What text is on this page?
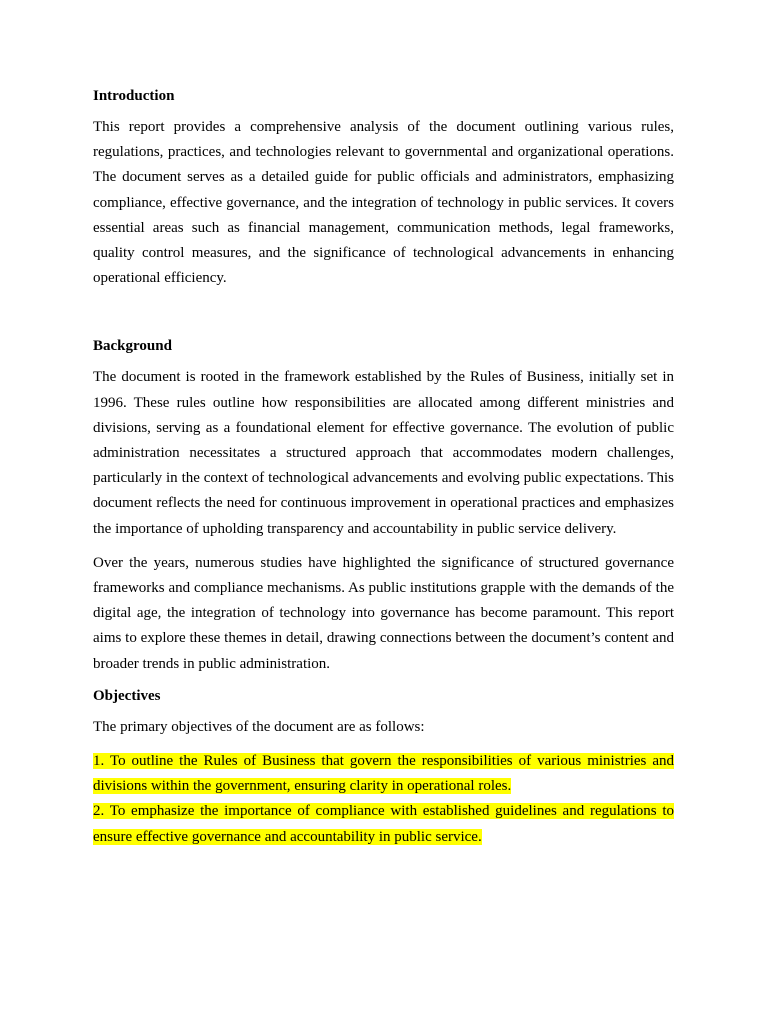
Introduction

This report provides a comprehensive analysis of the document outlining various rules, regulations, practices, and technologies relevant to governmental and organizational operations. The document serves as a detailed guide for public officials and administrators, emphasizing compliance, effective governance, and the integration of technology in public services. It covers essential areas such as financial management, communication methods, legal frameworks, quality control measures, and the significance of technological advancements in enhancing operational efficiency.

Background

The document is rooted in the framework established by the Rules of Business, initially set in 1996. These rules outline how responsibilities are allocated among different ministries and divisions, serving as a foundational element for effective governance. The evolution of public administration necessitates a structured approach that accommodates modern challenges, particularly in the context of technological advancements and evolving public expectations. This document reflects the need for continuous improvement in operational practices and emphasizes the importance of upholding transparency and accountability in public service delivery.

Over the years, numerous studies have highlighted the significance of structured governance frameworks and compliance mechanisms. As public institutions grapple with the demands of the digital age, the integration of technology into governance has become paramount. This report aims to explore these themes in detail, drawing connections between the document’s content and broader trends in public administration.

Objectives

The primary objectives of the document are as follows:

1. To outline the Rules of Business that govern the responsibilities of various ministries and divisions within the government, ensuring clarity in operational roles.
2. To emphasize the importance of compliance with established guidelines and regulations to ensure effective governance and accountability in public service.
